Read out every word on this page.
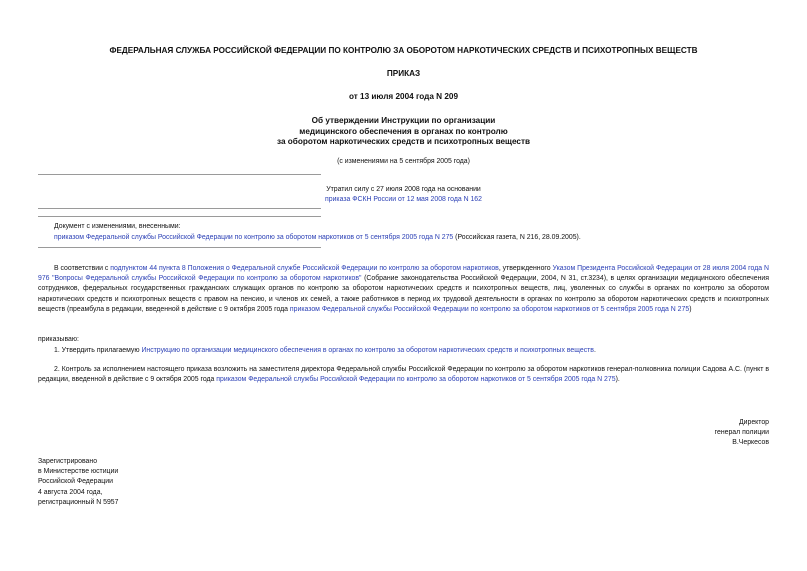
ФЕДЕРАЛЬНАЯ СЛУЖБА РОССИЙСКОЙ ФЕДЕРАЦИИ ПО КОНТРОЛЮ ЗА ОБОРОТОМ НАРКОТИЧЕСКИХ СРЕДСТВ И ПСИХОТРОПНЫХ ВЕЩЕСТВ
ПРИКАЗ
от 13 июля 2004 года N 209
Об утверждении Инструкции по организации
медицинского обеспечения в органах по контролю
за оборотом наркотических средств и психотропных веществ
(с изменениями на 5 сентября 2005 года)
Утратил силу с 27 июля 2008 года на основании
приказа ФСКН России от 12 мая 2008 года N 162
Документ с изменениями, внесенными:
приказом Федеральной службы Российской Федерации по контролю за оборотом наркотиков от 5 сентября 2005 года N 275 (Российская газета, N 216, 28.09.2005).
В соответствии с подпунктом 44 пункта 8 Положения о Федеральной службе Российской Федерации по контролю за оборотом наркотиков, утвержденного Указом Президента Российской Федерации от 28 июля 2004 года N 976 "Вопросы Федеральной службы Российской Федерации по контролю за оборотом наркотиков" (Собрание законодательства Российской Федерации, 2004, N 31, ст.3234), в целях организации медицинского обеспечения сотрудников, федеральных государственных гражданских служащих органов по контролю за оборотом наркотических средств и психотропных веществ, лиц, уволенных со службы в органах по контролю за оборотом наркотических средств и психотропных веществ с правом на пенсию, и членов их семей, а также работников в период их трудовой деятельности в органах по контролю за оборотом наркотических средств и психотропных веществ (преамбула в редакции, введенной в действие с 9 октября 2005 года приказом Федеральной службы Российской Федерации по контролю за оборотом наркотиков от 5 сентября 2005 года N 275)
приказываю:
1. Утвердить прилагаемую Инструкцию по организации медицинского обеспечения в органах по контролю за оборотом наркотических средств и психотропных веществ.
2. Контроль за исполнением настоящего приказа возложить на заместителя директора Федеральной службы Российской Федерации по контролю за оборотом наркотиков генерал-полковника полиции Садова А.С. (пункт в редакции, введенной в действие с 9 октября 2005 года приказом Федеральной службы Российской Федерации по контролю за оборотом наркотиков от 5 сентября 2005 года N 275).
Директор
генерал полиции
В.Черкесов
Зарегистрировано
в Министерстве юстиции
Российской Федерации
4 августа 2004 года,
регистрационный N 5957
